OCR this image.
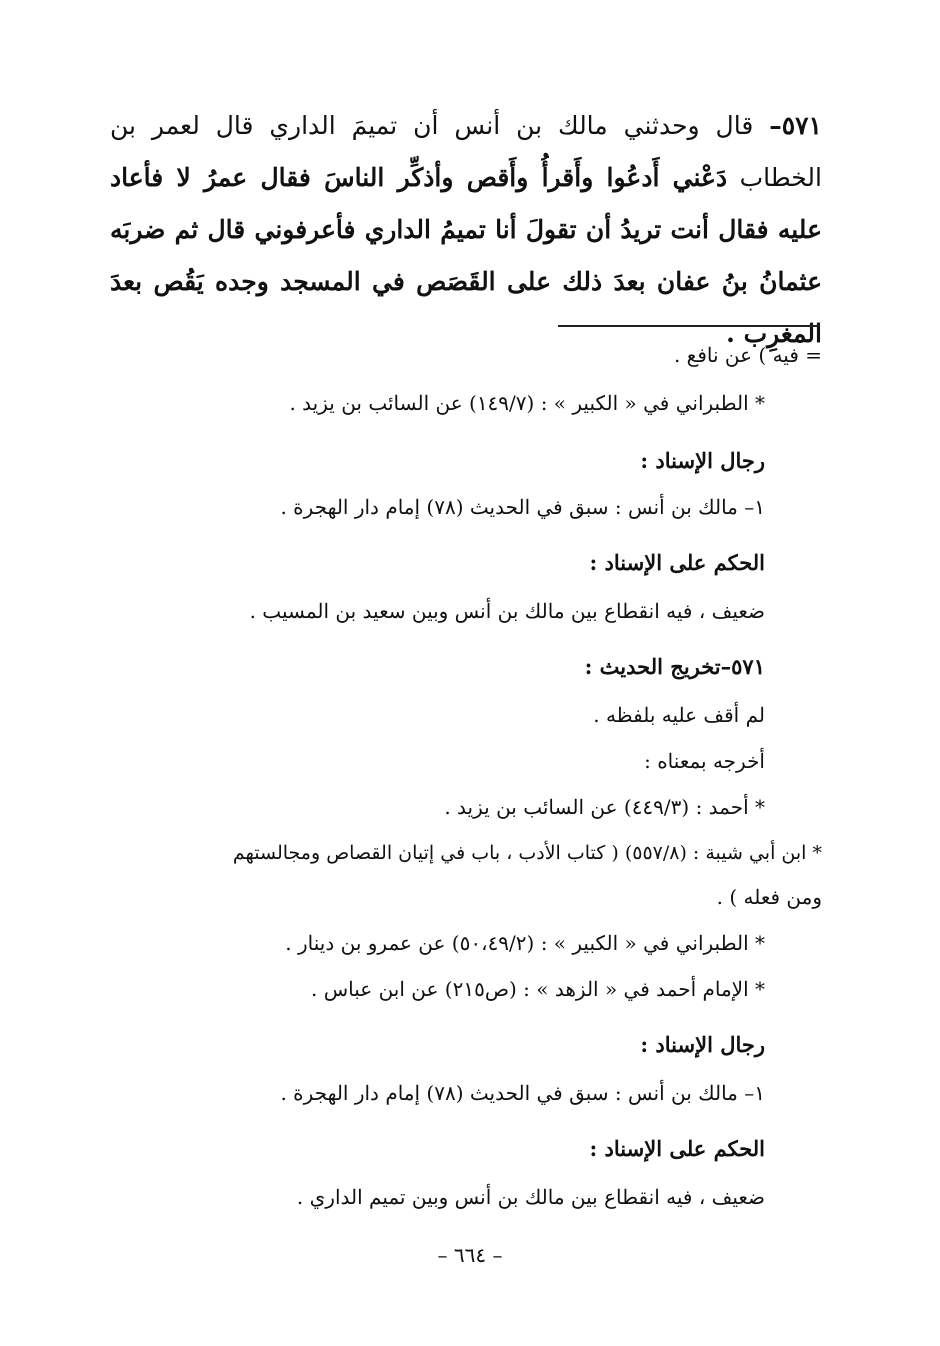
٥٧١– قال وحدثني مالك بن أنس أن تميمَ الداري قال لعمر بن الخطاب دَعْني أَدعُوا وأَقرأُ وأَقص وأذكِّر الناسَ فقال عمرُ لا فأعاد عليه فقال أنت تريدُ أن تقولَ أنا تميمُ الداري فأعرفوني قال ثم ضربَه عثمانُ بنُ عفان بعدَ ذلك على القَصَص في المسجد وجده يَقُص بعدَ المغرِب .
= فيه ) عن نافع .
* الطبراني في « الكبير » : (١٤٩/٧) عن السائب بن يزيد .
رجال الإسناد :
١– مالك بن أنس : سبق في الحديث (٧٨) إمام دار الهجرة .
الحكم على الإسناد :
ضعيف ، فيه انقطاع بين مالك بن أنس وبين سعيد بن المسيب .
٥٧١–تخريج الحديث :
لم أقف عليه بلفظه .
أخرجه بمعناه :
* أحمد : (٤٤٩/٣) عن السائب بن يزيد .
* ابن أبي شيبة : (٥٥٧/٨) ( كتاب الأدب ، باب في إتيان القصاص ومجالستهم
ومن فعله ) .
* الطبراني في « الكبير » : (٥٠،٤٩/٢) عن عمرو بن دينار .
* الإمام أحمد في « الزهد » : (ص٢١٥) عن ابن عباس .
رجال الإسناد :
١– مالك بن أنس : سبق في الحديث (٧٨) إمام دار الهجرة .
الحكم على الإسناد :
ضعيف ، فيه انقطاع بين مالك بن أنس وبين تميم الداري .
– ٦٦٤ –
